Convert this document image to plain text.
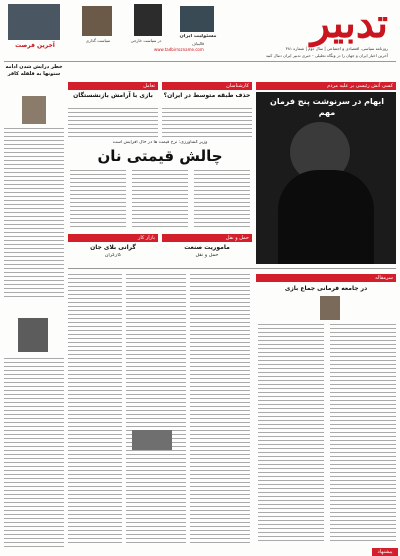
تدبیر
روزنامه سیاسی، اقتصادی و اجتماعی | سال دوم | شماره ۳۸۱
آخرین اخبار ایران و جهان را در وبگاه تحلیلی - خبری تدبیر ایران دنبال کنید
www.tadbirrozname.com
مسئولیت ایران
قالیباف
در سیاست خارجی
سیاست گذاری
آخرین فرصت
کسی آتش رئیسی بر علیه مردم
ابهام در سرنوشت پنج فرمان مهم
کارشناسان
حذف طبقه متوسط در ایران؟
تعامل
بازی با آرامش بازنشستگان
وزیر کشاورزی: نرخ قیمت ها در حال افزایش است
چالش قیمتی نان
حمل و نقل
ماموریت صنعت
حمل و نقل
بازار کار
گرانی بلای جان
کارگران
خطر درایش شدن ادامه ستونها به فلفله کافر
سرمقاله
در جامعه فرمانی جماع بازی
پیشنهاد
